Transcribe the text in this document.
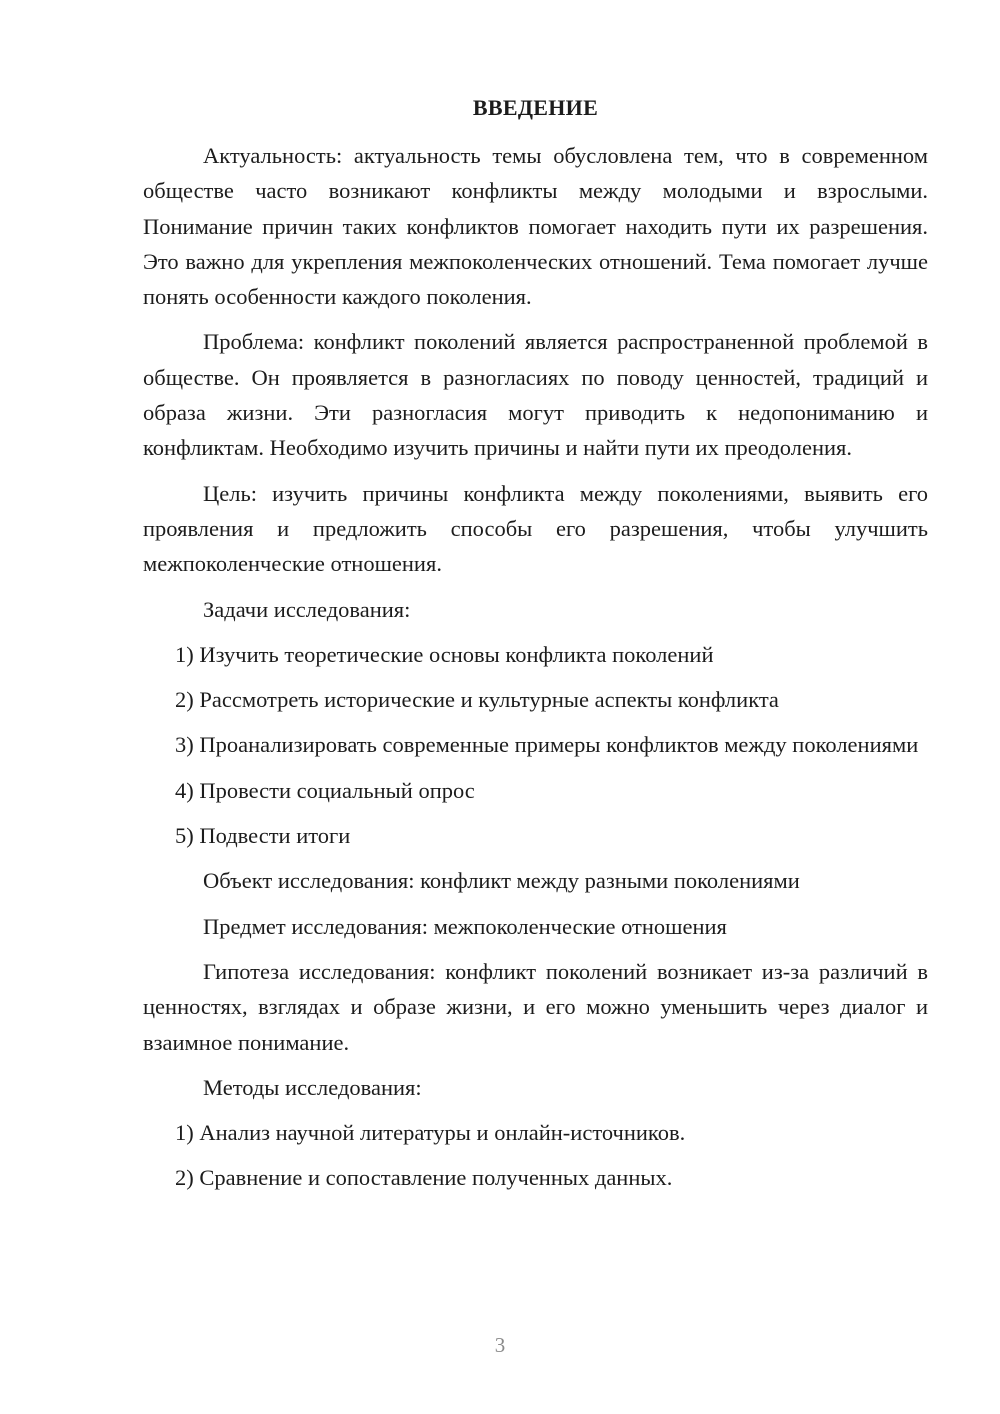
ВВЕДЕНИЕ

Актуальность: актуальность темы обусловлена тем, что в современном обществе часто возникают конфликты между молодыми и взрослыми. Понимание причин таких конфликтов помогает находить пути их разрешения. Это важно для укрепления межпоколенческих отношений. Тема помогает лучше понять особенности каждого поколения.

Проблема: конфликт поколений является распространенной проблемой в обществе. Он проявляется в разногласиях по поводу ценностей, традиций и образа жизни. Эти разногласия могут приводить к недопониманию и конфликтам. Необходимо изучить причины и найти пути их преодоления.

Цель: изучить причины конфликта между поколениями, выявить его проявления и предложить способы его разрешения, чтобы улучшить межпоколенческие отношения.

Задачи исследования:

1) Изучить теоретические основы конфликта поколений

2) Рассмотреть исторические и культурные аспекты конфликта

3) Проанализировать современные примеры конфликтов между поколениями

4) Провести социальный опрос

5) Подвести итоги

Объект исследования: конфликт между разными поколениями

Предмет исследования: межпоколенческие отношения

Гипотеза исследования: конфликт поколений возникает из-за различий в ценностях, взглядах и образе жизни, и его можно уменьшить через диалог и взаимное понимание.

Методы исследования:

1) Анализ научной литературы и онлайн-источников.

2) Сравнение и сопоставление полученных данных.

3
